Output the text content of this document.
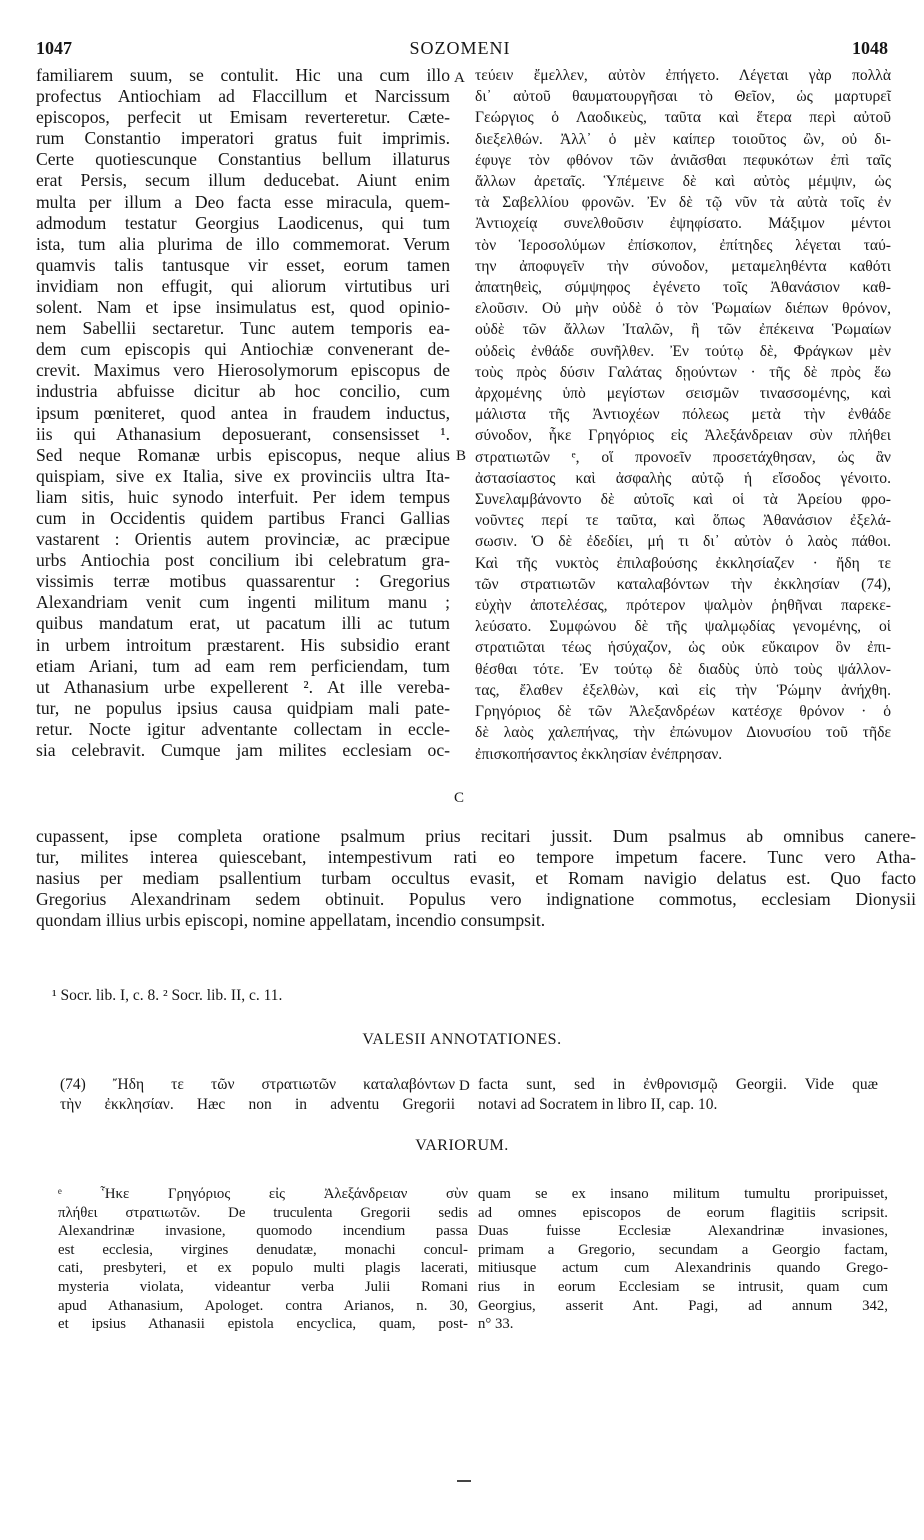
1047	SOZOMENI	1048
familiarem suum, se contulit. Hic una cum illo
profectus Antiochiam ad Flaccillum et Narcissum
episcopos, perfecit ut Emisam reverteretur. Cæte-
rum Constantio imperatori gratus fuit imprimis.
Certe quotiescunque Constantius bellum illaturus
erat Persis, secum illum deducebat. Aiunt enim
multa per illum a Deo facta esse miracula, quem-
admodum testatur Georgius Laodicenus, qui tum
ista, tum alia plurima de illo commemorat. Verum
quamvis talis tantusque vir esset, eorum tamen
invidiam non effugit, qui aliorum virtutibus uri
solent. Nam et ipse insimulatus est, quod opinio-
nem Sabellii sectaretur. Tunc autem temporis ea-
dem cum episcopis qui Antiochiæ convenerant de-
crevit. Maximus vero Hierosolymorum episcopus de
industria abfuisse dicitur ab hoc concilio, cum
ipsum pœniteret, quod antea in fraudem inductus,
iis qui Athanasium deposuerant, consensisset ¹.
Sed neque Romanæ urbis episcopus, neque alius
quispiam, sive ex Italia, sive ex provinciis ultra Ita-
liam sitis, huic synodo interfuit. Per idem tempus
cum in Occidentis quidem partibus Franci Gallias
vastarent : Orientis autem provinciæ, ac præcipue
urbs Antiochia post concilium ibi celebratum gra-
vissimis terræ motibus quassarentur : Gregorius
Alexandriam venit cum ingenti militum manu ;
quibus mandatum erat, ut pacatum illi ac tutum
in urbem introitum præstarent. His subsidio erant
etiam Ariani, tum ad eam rem perficiendam, tum
ut Athanasium urbe expellerent ². At ille vereba-
tur, ne populus ipsius causa quidpiam mali pate-
retur. Nocte igitur adventante collectam in eccle-
sia celebravit. Cumque jam milites ecclesiam oc-
τεύειν ἔμελλεν, αὐτὸν ἐπήγετο. Λέγεται γὰρ πολλὰ
δι᾽ αὐτοῦ θαυματουργῆσαι τὸ Θεῖον, ὡς μαρτυρεῖ
Γεώργιος ὁ Λαοδικεὺς, ταῦτα καὶ ἕτερα περὶ αὐτοῦ
διεξελθών. Ἀλλ᾽ ὁ μὲν καίπερ τοιοῦτος ὢν, οὐ δι-
έφυγε τὸν φθόνον τῶν ἀνιᾶσθαι πεφυκότων ἐπὶ ταῖς
ἄλλων ἀρεταῖς. Ὑπέμεινε δὲ καὶ αὐτὸς μέμψιν, ὡς
τὰ Σαβελλίου φρονῶν. Ἐν δὲ τῷ νῦν τὰ αὐτὰ τοῖς ἐν
Ἀντιοχείᾳ συνελθοῦσιν ἐψηφίσατο. Μάξιμον μέντοι
τὸν Ἱεροσολύμων ἐπίσκοπον, ἐπίτηδες λέγεται ταύ-
την ἀποφυγεῖν τὴν σύνοδον, μεταμεληθέντα καθότι
ἀπατηθεὶς, σύμψηφος ἐγένετο τοῖς Ἀθανάσιον καθ-
ελοῦσιν. Οὐ μὴν οὐδὲ ὁ τὸν Ῥωμαίων διέπων θρόνον,
οὐδὲ τῶν ἄλλων Ἰταλῶν, ἢ τῶν ἐπέκεινα Ῥωμαίων
οὐδεὶς ἐνθάδε συνῆλθεν. Ἐν τούτῳ δὲ, Φράγκων μὲν
τοὺς πρὸς δύσιν Γαλάτας δῃούντων · τῆς δὲ πρὸς ἕω
ἀρχομένης ὑπὸ μεγίστων σεισμῶν τινασσομένης, καὶ
μάλιστα τῆς Ἀντιοχέων πόλεως μετὰ τὴν ἐνθάδε
σύνοδον, ἧκε Γρηγόριος εἰς Ἀλεξάνδρειαν σὺν πλήθει
στρατιωτῶν ᵉ, οἵ προνοεῖν προσετάχθησαν, ὡς ἂν
ἀστασίαστος καὶ ἀσφαλὴς αὐτῷ ἡ εἴσοδος γένοιτο.
Συνελαμβάνοντο δὲ αὐτοῖς καὶ οἱ τὰ Ἀρείου φρο-
νοῦντες περί τε ταῦτα, καὶ ὅπως Ἀθανάσιον ἐξελά-
σωσιν. Ὁ δὲ ἐδεδίει, μή τι δι᾽ αὐτὸν ὁ λαὸς πάθοι.
Καὶ τῆς νυκτὸς ἐπιλαβούσης ἐκκλησίαζεν · ἤδη τε
τῶν στρατιωτῶν καταλαβόντων τὴν ἐκκλησίαν (74),
εὐχὴν ἀποτελέσας, πρότερον ψαλμὸν ῥηθῆναι παρεκε-
λεύσατο. Συμφώνου δὲ τῆς ψαλμῳδίας γενομένης, οἱ
στρατιῶται τέως ἡσύχαζον, ὡς οὐκ εὔκαιρον ὃν ἐπι-
θέσθαι τότε. Ἐν τούτῳ δὲ διαδὺς ὑπὸ τοὺς ψάλλον-
τας, ἔλαθεν ἐξελθὼν, καὶ εἰς τὴν Ῥώμην ἀνήχθη.
Γρηγόριος δὲ τῶν Ἀλεξανδρέων κατέσχε θρόνον · ὁ
δὲ λαὸς χαλεπήνας, τὴν ἐπώνυμον Διονυσίου τοῦ τῆδε
ἐπισκοπήσαντος ἐκκλησίαν ἐνέπρησαν.
A
B
C
cupassent, ipse completa oratione psalmum prius recitari jussit. Dum psalmus ab omnibus canere-
tur, milites interea quiescebant, intempestivum rati eo tempore impetum facere. Tunc vero Atha-
nasius per mediam psallentium turbam occultus evasit, et Romam navigio delatus est. Quo facto
Gregorius Alexandrinam sedem obtinuit. Populus vero indignatione commotus, ecclesiam Dionysii
quondam illius urbis episcopi, nomine appellatam, incendio consumpsit.
¹ Socr. lib. I, c. 8. ² Socr. lib. II, c. 11.
VALESII ANNOTATIONES.
(74) Ἤδη τε τῶν στρατιωτῶν καταλαβόντων
τὴν ἐκκλησίαν. Hæc non in adventu Gregorii
D facta sunt, sed in ἐνθρονισμῷ Georgii. Vide quæ
notavi ad Socratem in libro II, cap. 10.
VARIORUM.
ᵉ Ἧκε Γρηγόριος εἰς Ἀλεξάνδρειαν σὺν
πλήθει στρατιωτῶν. De truculenta Gregorii sedis
Alexandrinæ invasione, quomodo incendium passa
est ecclesia, virgines denudatæ, monachi concul-
cati, presbyteri, et ex populo multi plagis lacerati,
mysteria violata, videantur verba Julii Romani
apud Athanasium, Apologet. contra Arianos, n. 30,
et ipsius Athanasii epistola encyclica, quam, post-
quam se ex insano militum tumultu proripuisset,
ad omnes episcopos de eorum flagitiis scripsit.
Duas fuisse Ecclesiæ Alexandrinæ invasiones,
primam a Gregorio, secundam a Georgio factam,
mitiusque actum cum Alexandrinis quando Grego-
rius in eorum Ecclesiam se intrusit, quam cum
Georgius, asserit Ant. Pagi, ad annum 342,
n° 33.
